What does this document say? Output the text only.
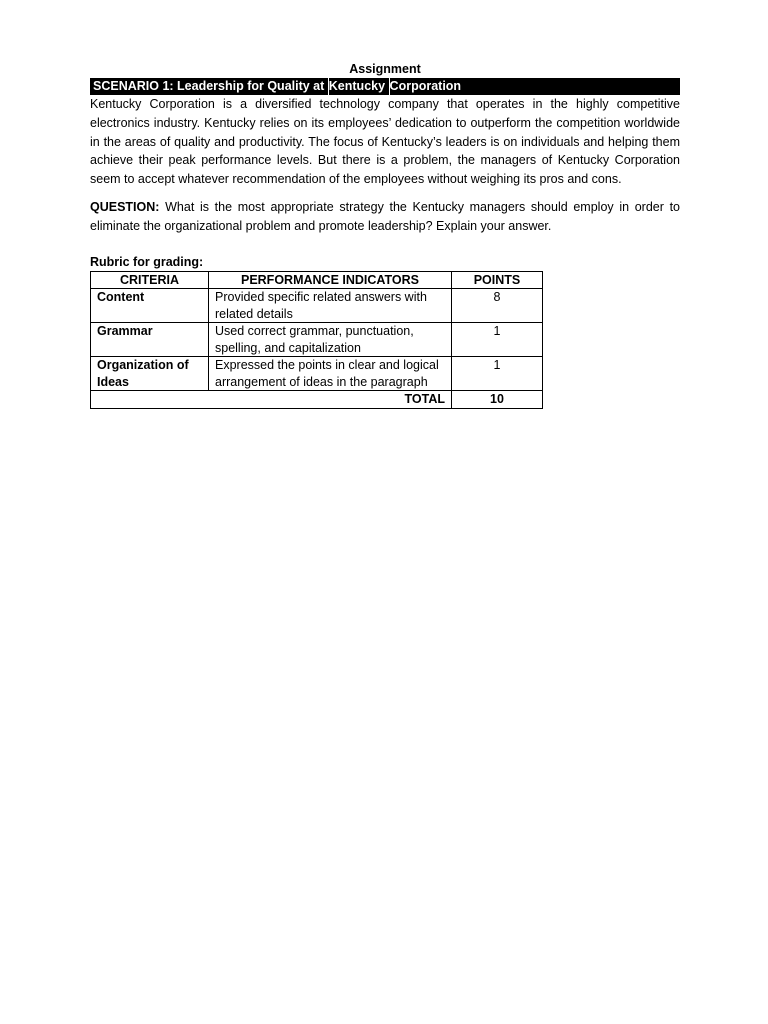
Assignment
SCENARIO 1: Leadership for Quality at Kentucky Corporation

Kentucky Corporation is a diversified technology company that operates in the highly competitive electronics industry. Kentucky relies on its employees’ dedication to outperform the competition worldwide in the areas of quality and productivity. The focus of Kentucky’s leaders is on individuals and helping them achieve their peak performance levels. But there is a problem, the managers of Kentucky Corporation seem to accept whatever recommendation of the employees without weighing its pros and cons.

QUESTION: What is the most appropriate strategy the Kentucky managers should employ in order to eliminate the organizational problem and promote leadership? Explain your answer.

Rubric for grading:
CRITERIA	PERFORMANCE INDICATORS	POINTS
Content	Provided specific related answers with related details	8
Grammar	Used correct grammar, punctuation, spelling, and capitalization	1
Organization of Ideas	Expressed the points in clear and logical arrangement of ideas in the paragraph	1
TOTAL		10
